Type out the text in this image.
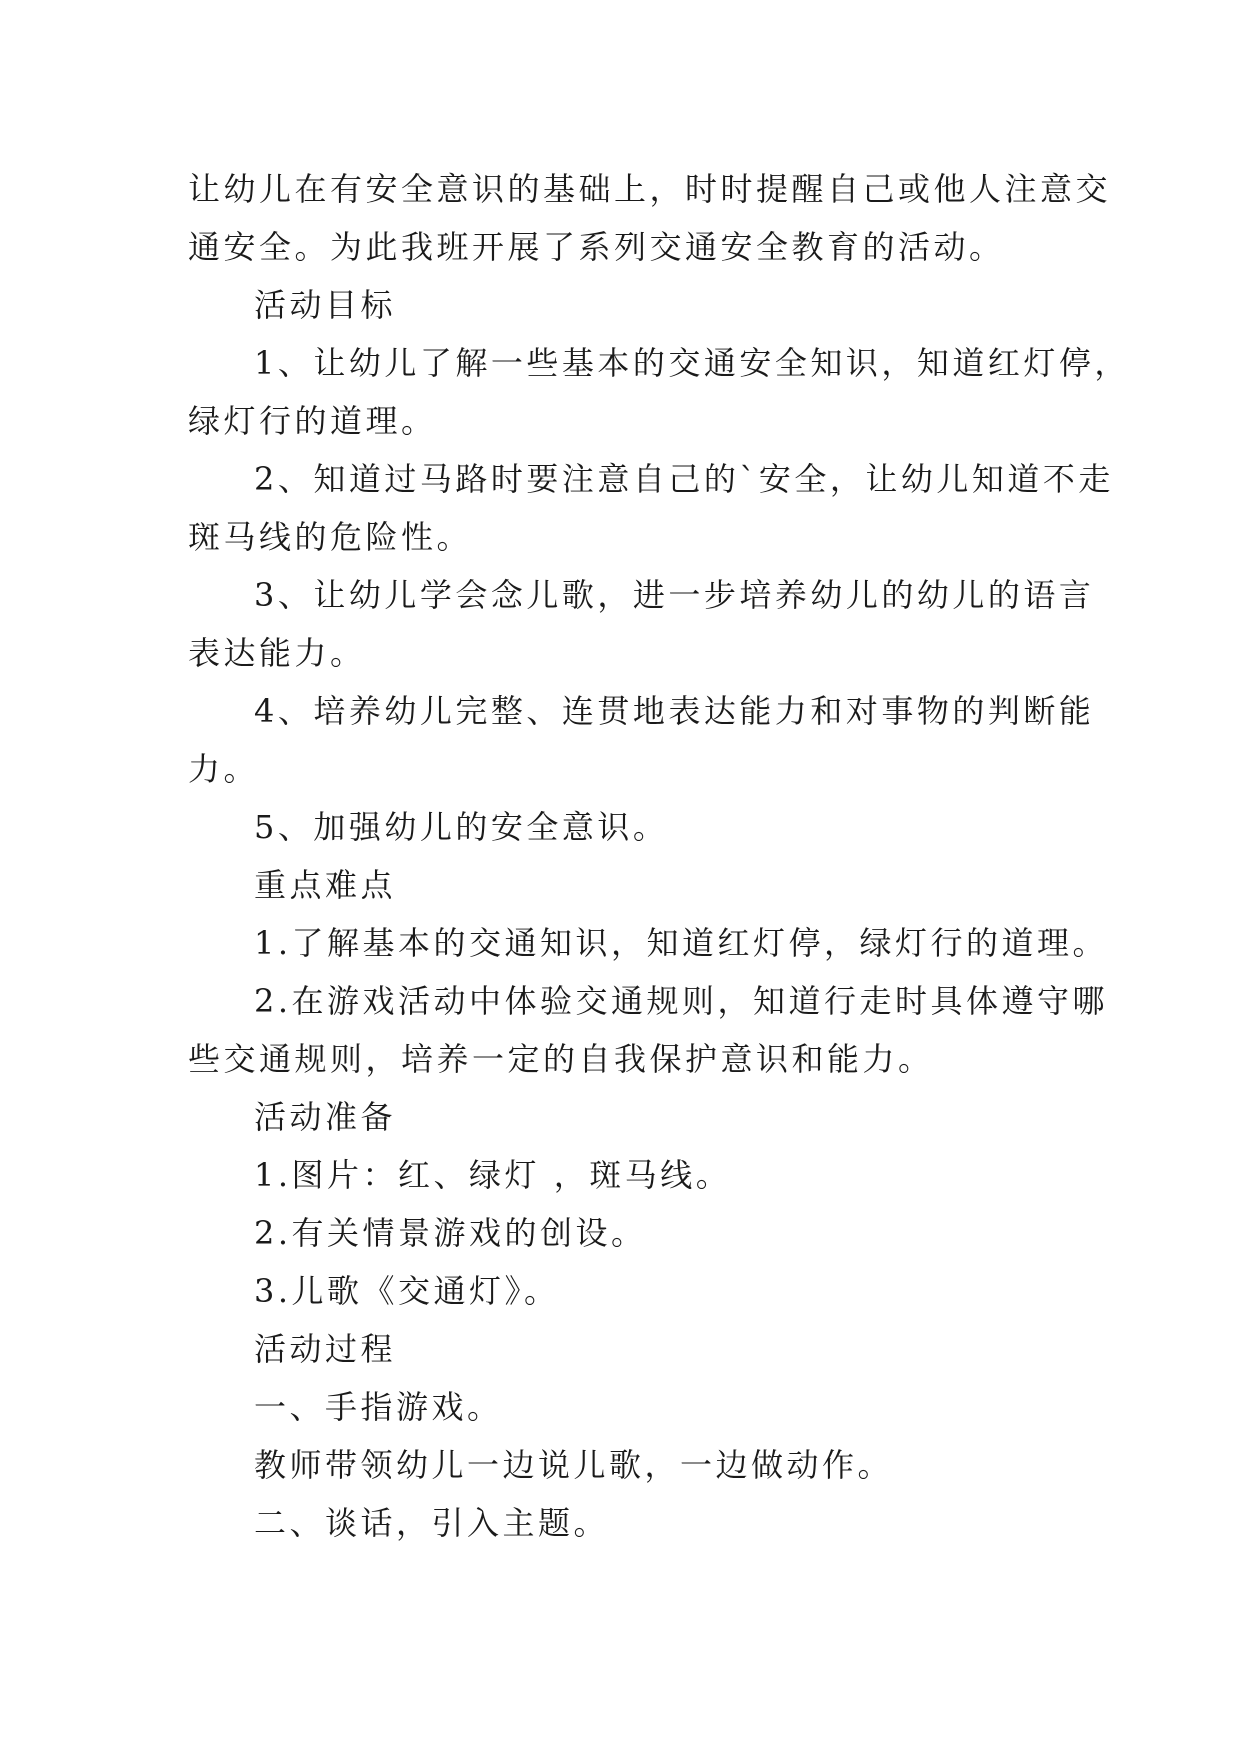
让幼儿在有安全意识的基础上，时时提醒自己或他人注意交
通安全。为此我班开展了系列交通安全教育的活动。
活动目标
1、让幼儿了解一些基本的交通安全知识，知道红灯停，
绿灯行的道理。
2、知道过马路时要注意自己的`安全，让幼儿知道不走
斑马线的危险性。
3、让幼儿学会念儿歌，进一步培养幼儿的幼儿的语言
表达能力。
4、培养幼儿完整、连贯地表达能力和对事物的判断能
力。
5、加强幼儿的安全意识。
重点难点
1.了解基本的交通知识，知道红灯停，绿灯行的道理。
2.在游戏活动中体验交通规则，知道行走时具体遵守哪
些交通规则，培养一定的自我保护意识和能力。
活动准备
1.图片：红、绿灯 ，斑马线。
2.有关情景游戏的创设。
3.儿歌《交通灯》。
活动过程
一、手指游戏。
教师带领幼儿一边说儿歌，一边做动作。
二、谈话，引入主题。
